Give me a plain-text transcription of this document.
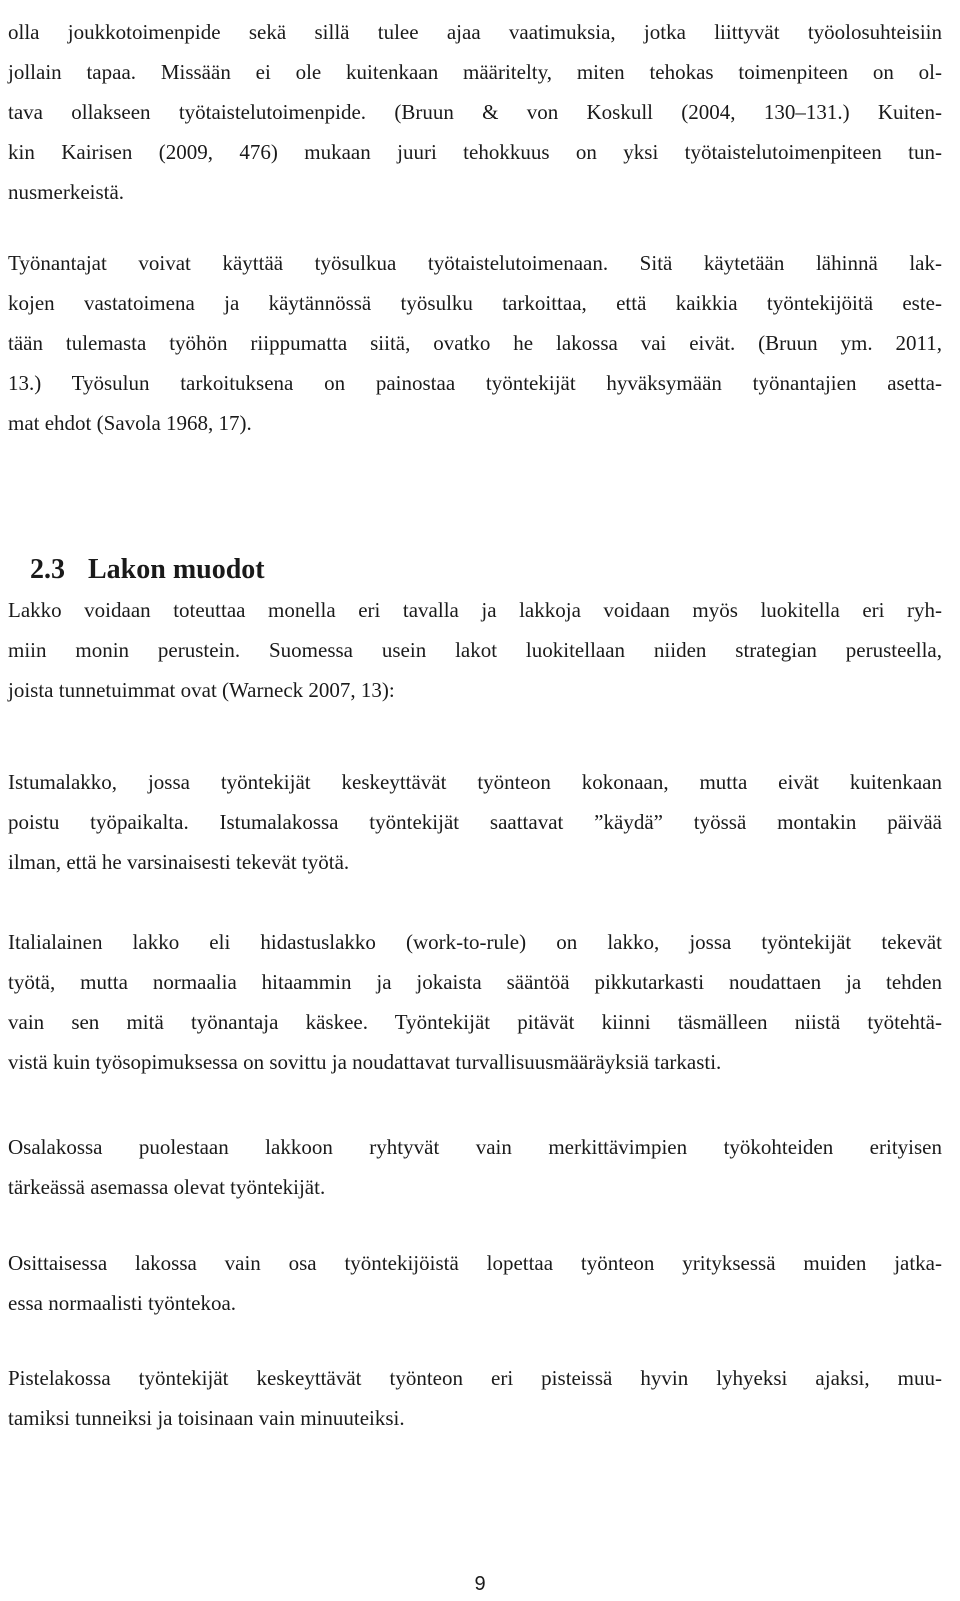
olla joukkotoimenpide sekä sillä tulee ajaa vaatimuksia, jotka liittyvät työolosuhteisiin
jollain tapaa. Missään ei ole kuitenkaan määritelty, miten tehokas toimenpiteen on ol-
tava ollakseen työtaistelutoimenpide. (Bruun & von Koskull (2004, 130–131.) Kuiten-
kin Kairisen (2009, 476) mukaan juuri tehokkuus on yksi työtaistelutoimenpiteen tun-
nusmerkeistä.
Työnantajat voivat käyttää työsulkua työtaistelutoimenaan. Sitä käytetään lähinnä lak-
kojen vastatoimena ja käytännössä työsulku tarkoittaa, että kaikkia työntekijöitä este-
tään tulemasta työhön riippumatta siitä, ovatko he lakossa vai eivät. (Bruun ym. 2011,
13.) Työsulun tarkoituksena on painostaa työntekijät hyväksymään työnantajien asetta-
mat ehdot (Savola 1968, 17).
2.3 Lakon muodot
Lakko voidaan toteuttaa monella eri tavalla ja lakkoja voidaan myös luokitella eri ryh-
miin monin perustein. Suomessa usein lakot luokitellaan niiden strategian perusteella,
joista tunnetuimmat ovat (Warneck 2007, 13):
Istumalakko, jossa työntekijät keskeyttävät työnteon kokonaan, mutta eivät kuitenkaan
poistu työpaikalta. Istumalakossa työntekijät saattavat ”käydä” työssä montakin päivää
ilman, että he varsinaisesti tekevät työtä.
Italialainen lakko eli hidastuslakko (work-to-rule) on lakko, jossa työntekijät tekevät
työtä, mutta normaalia hitaammin ja jokaista sääntöä pikkutarkasti noudattaen ja tehden
vain sen mitä työnantaja käskee. Työntekijät pitävät kiinni täsmälleen niistä työtehtä-
vistä kuin työsopimuksessa on sovittu ja noudattavat turvallisuusmääräyksiä tarkasti.
Osalakossa puolestaan lakkoon ryhtyvät vain merkittävimpien työkohteiden erityisen
tärkeässä asemassa olevat työntekijät.
Osittaisessa lakossa vain osa työntekijöistä lopettaa työnteon yrityksessä muiden jatka-
essa normaalisti työntekoa.
Pistelakossa työntekijät keskeyttävät työnteon eri pisteissä hyvin lyhyeksi ajaksi, muu-
tamiksi tunneiksi ja toisinaan vain minuuteiksi.
9
